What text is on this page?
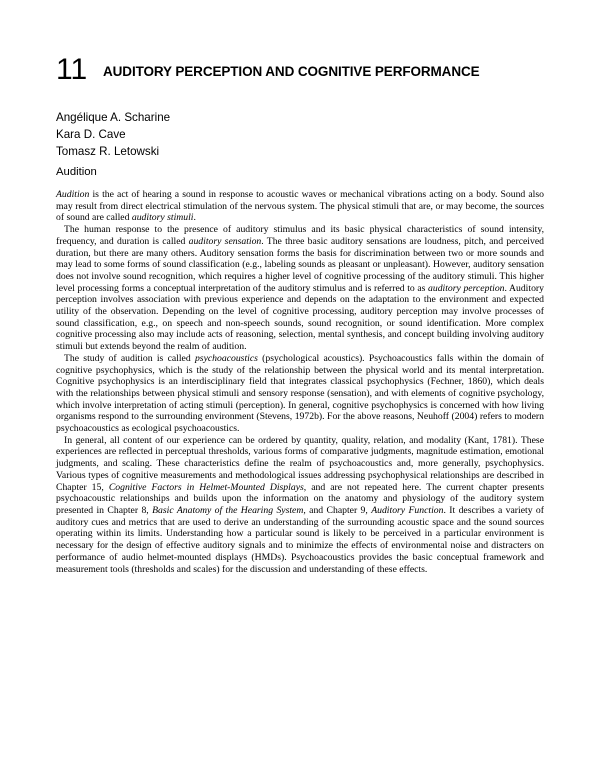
11 AUDITORY PERCEPTION AND COGNITIVE PERFORMANCE
Angélique A. Scharine
Kara D. Cave
Tomasz R. Letowski
Audition

Audition is the act of hearing a sound in response to acoustic waves or mechanical vibrations acting on a body. Sound also may result from direct electrical stimulation of the nervous system. The physical stimuli that are, or may become, the sources of sound are called auditory stimuli.

The human response to the presence of auditory stimulus and its basic physical characteristics of sound intensity, frequency, and duration is called auditory sensation. The three basic auditory sensations are loudness, pitch, and perceived duration, but there are many others. Auditory sensation forms the basis for discrimination between two or more sounds and may lead to some forms of sound classification (e.g., labeling sounds as pleasant or unpleasant). However, auditory sensation does not involve sound recognition, which requires a higher level of cognitive processing of the auditory stimuli. This higher level processing forms a conceptual interpretation of the auditory stimulus and is referred to as auditory perception. Auditory perception involves association with previous experience and depends on the adaptation to the environment and expected utility of the observation. Depending on the level of cognitive processing, auditory perception may involve processes of sound classification, e.g., on speech and non-speech sounds, sound recognition, or sound identification. More complex cognitive processing also may include acts of reasoning, selection, mental synthesis, and concept building involving auditory stimuli but extends beyond the realm of audition.

The study of audition is called psychoacoustics (psychological acoustics). Psychoacoustics falls within the domain of cognitive psychophysics, which is the study of the relationship between the physical world and its mental interpretation. Cognitive psychophysics is an interdisciplinary field that integrates classical psychophysics (Fechner, 1860), which deals with the relationships between physical stimuli and sensory response (sensation), and with elements of cognitive psychology, which involve interpretation of acting stimuli (perception). In general, cognitive psychophysics is concerned with how living organisms respond to the surrounding environment (Stevens, 1972b). For the above reasons, Neuhoff (2004) refers to modern psychoacoustics as ecological psychoacoustics.

In general, all content of our experience can be ordered by quantity, quality, relation, and modality (Kant, 1781). These experiences are reflected in perceptual thresholds, various forms of comparative judgments, magnitude estimation, emotional judgments, and scaling. These characteristics define the realm of psychoacoustics and, more generally, psychophysics. Various types of cognitive measurements and methodological issues addressing psychophysical relationships are described in Chapter 15, Cognitive Factors in Helmet-Mounted Displays, and are not repeated here. The current chapter presents psychoacoustic relationships and builds upon the information on the anatomy and physiology of the auditory system presented in Chapter 8, Basic Anatomy of the Hearing System, and Chapter 9, Auditory Function. It describes a variety of auditory cues and metrics that are used to derive an understanding of the surrounding acoustic space and the sound sources operating within its limits. Understanding how a particular sound is likely to be perceived in a particular environment is necessary for the design of effective auditory signals and to minimize the effects of environmental noise and distracters on performance of audio helmet-mounted displays (HMDs). Psychoacoustics provides the basic conceptual framework and measurement tools (thresholds and scales) for the discussion and understanding of these effects.
